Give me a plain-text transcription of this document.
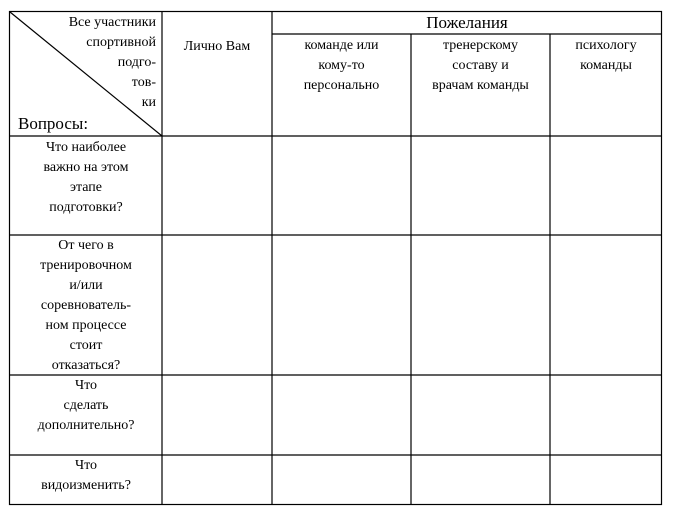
Все участники
спортивной
подго-
тов-
ки
Вопросы:
Лично Вам
Пожелания
команде или
кому-то
персонально
тренерскому
составу и
врачам команды
психологу
команды
Что наиболее
важно на этом
этапе
подготовки?
От чего в
тренировочном
и/или
соревнователь-
ном процессе
стоит
отказаться?
Что
сделать
дополнительно?
Что
видоизменить?
